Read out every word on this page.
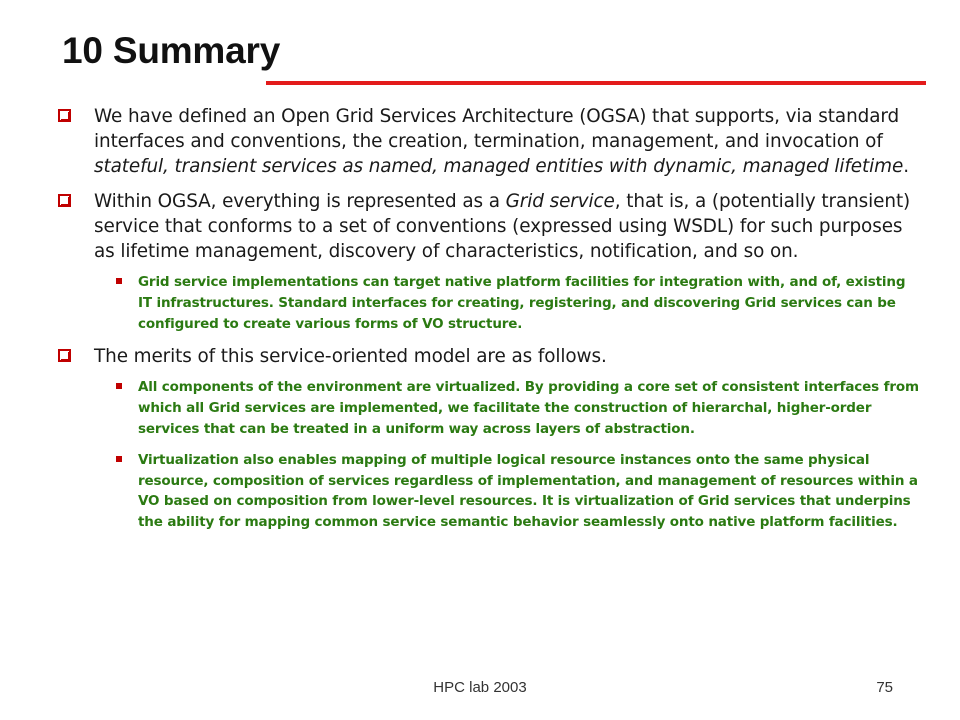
10 Summary
We have defined an Open Grid Services Architecture (OGSA) that supports, via standard interfaces and conventions, the creation, termination, management, and invocation of stateful, transient services as named, managed entities with dynamic, managed lifetime.
Within OGSA, everything is represented as a Grid service, that is, a (potentially transient) service that conforms to a set of conventions (expressed using WSDL) for such purposes as lifetime management, discovery of characteristics, notification, and so on.
Grid service implementations can target native platform facilities for integration with, and of, existing IT infrastructures. Standard interfaces for creating, registering, and discovering Grid services can be configured to create various forms of VO structure.
The merits of this service-oriented model are as follows.
All components of the environment are virtualized. By providing a core set of consistent interfaces from which all Grid services are implemented, we facilitate the construction of hierarchal, higher-order services that can be treated in a uniform way across layers of abstraction.
Virtualization also enables mapping of multiple logical resource instances onto the same physical resource, composition of services regardless of implementation, and management of resources within a VO based on composition from lower-level resources. It is virtualization of Grid services that underpins the ability for mapping common service semantic behavior seamlessly onto native platform facilities.
HPC lab 2003	75
